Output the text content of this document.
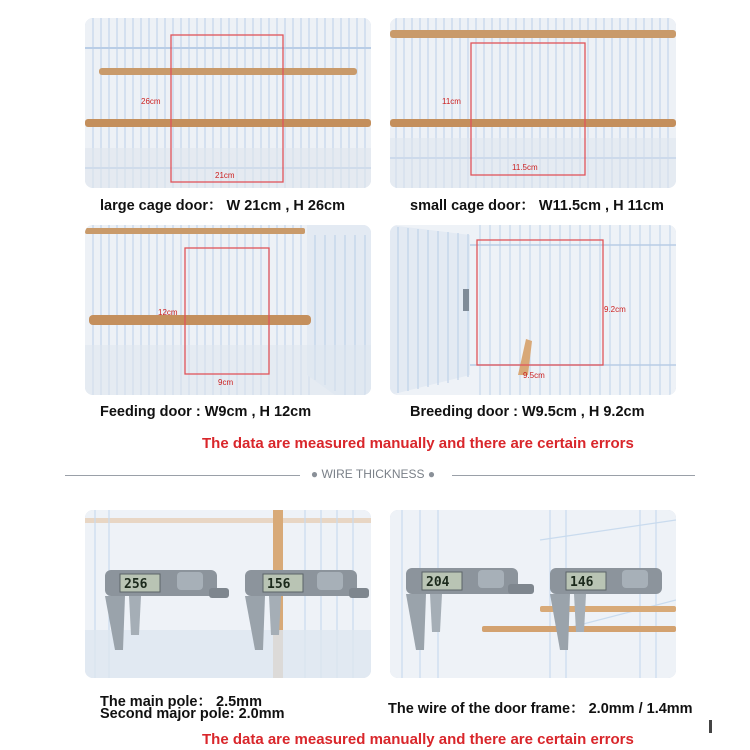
26cm
21cm
large cage door： W 21cm , H 26cm
11cm
11.5cm
small cage door： W11.5cm , H 11cm
12cm
9cm
Feeding door : W9cm , H 12cm
9.2cm
9.5cm
Breeding door : W9.5cm , H 9.2cm
The data are measured manually and there are certain errors
● WIRE THICKNESS ●
256	156	204	146
The main pole： 2.5mm
Second major pole: 2.0mm	The wire of the door frame： 2.0mm / 1.4mm
The data are measured manually and there are certain errors
